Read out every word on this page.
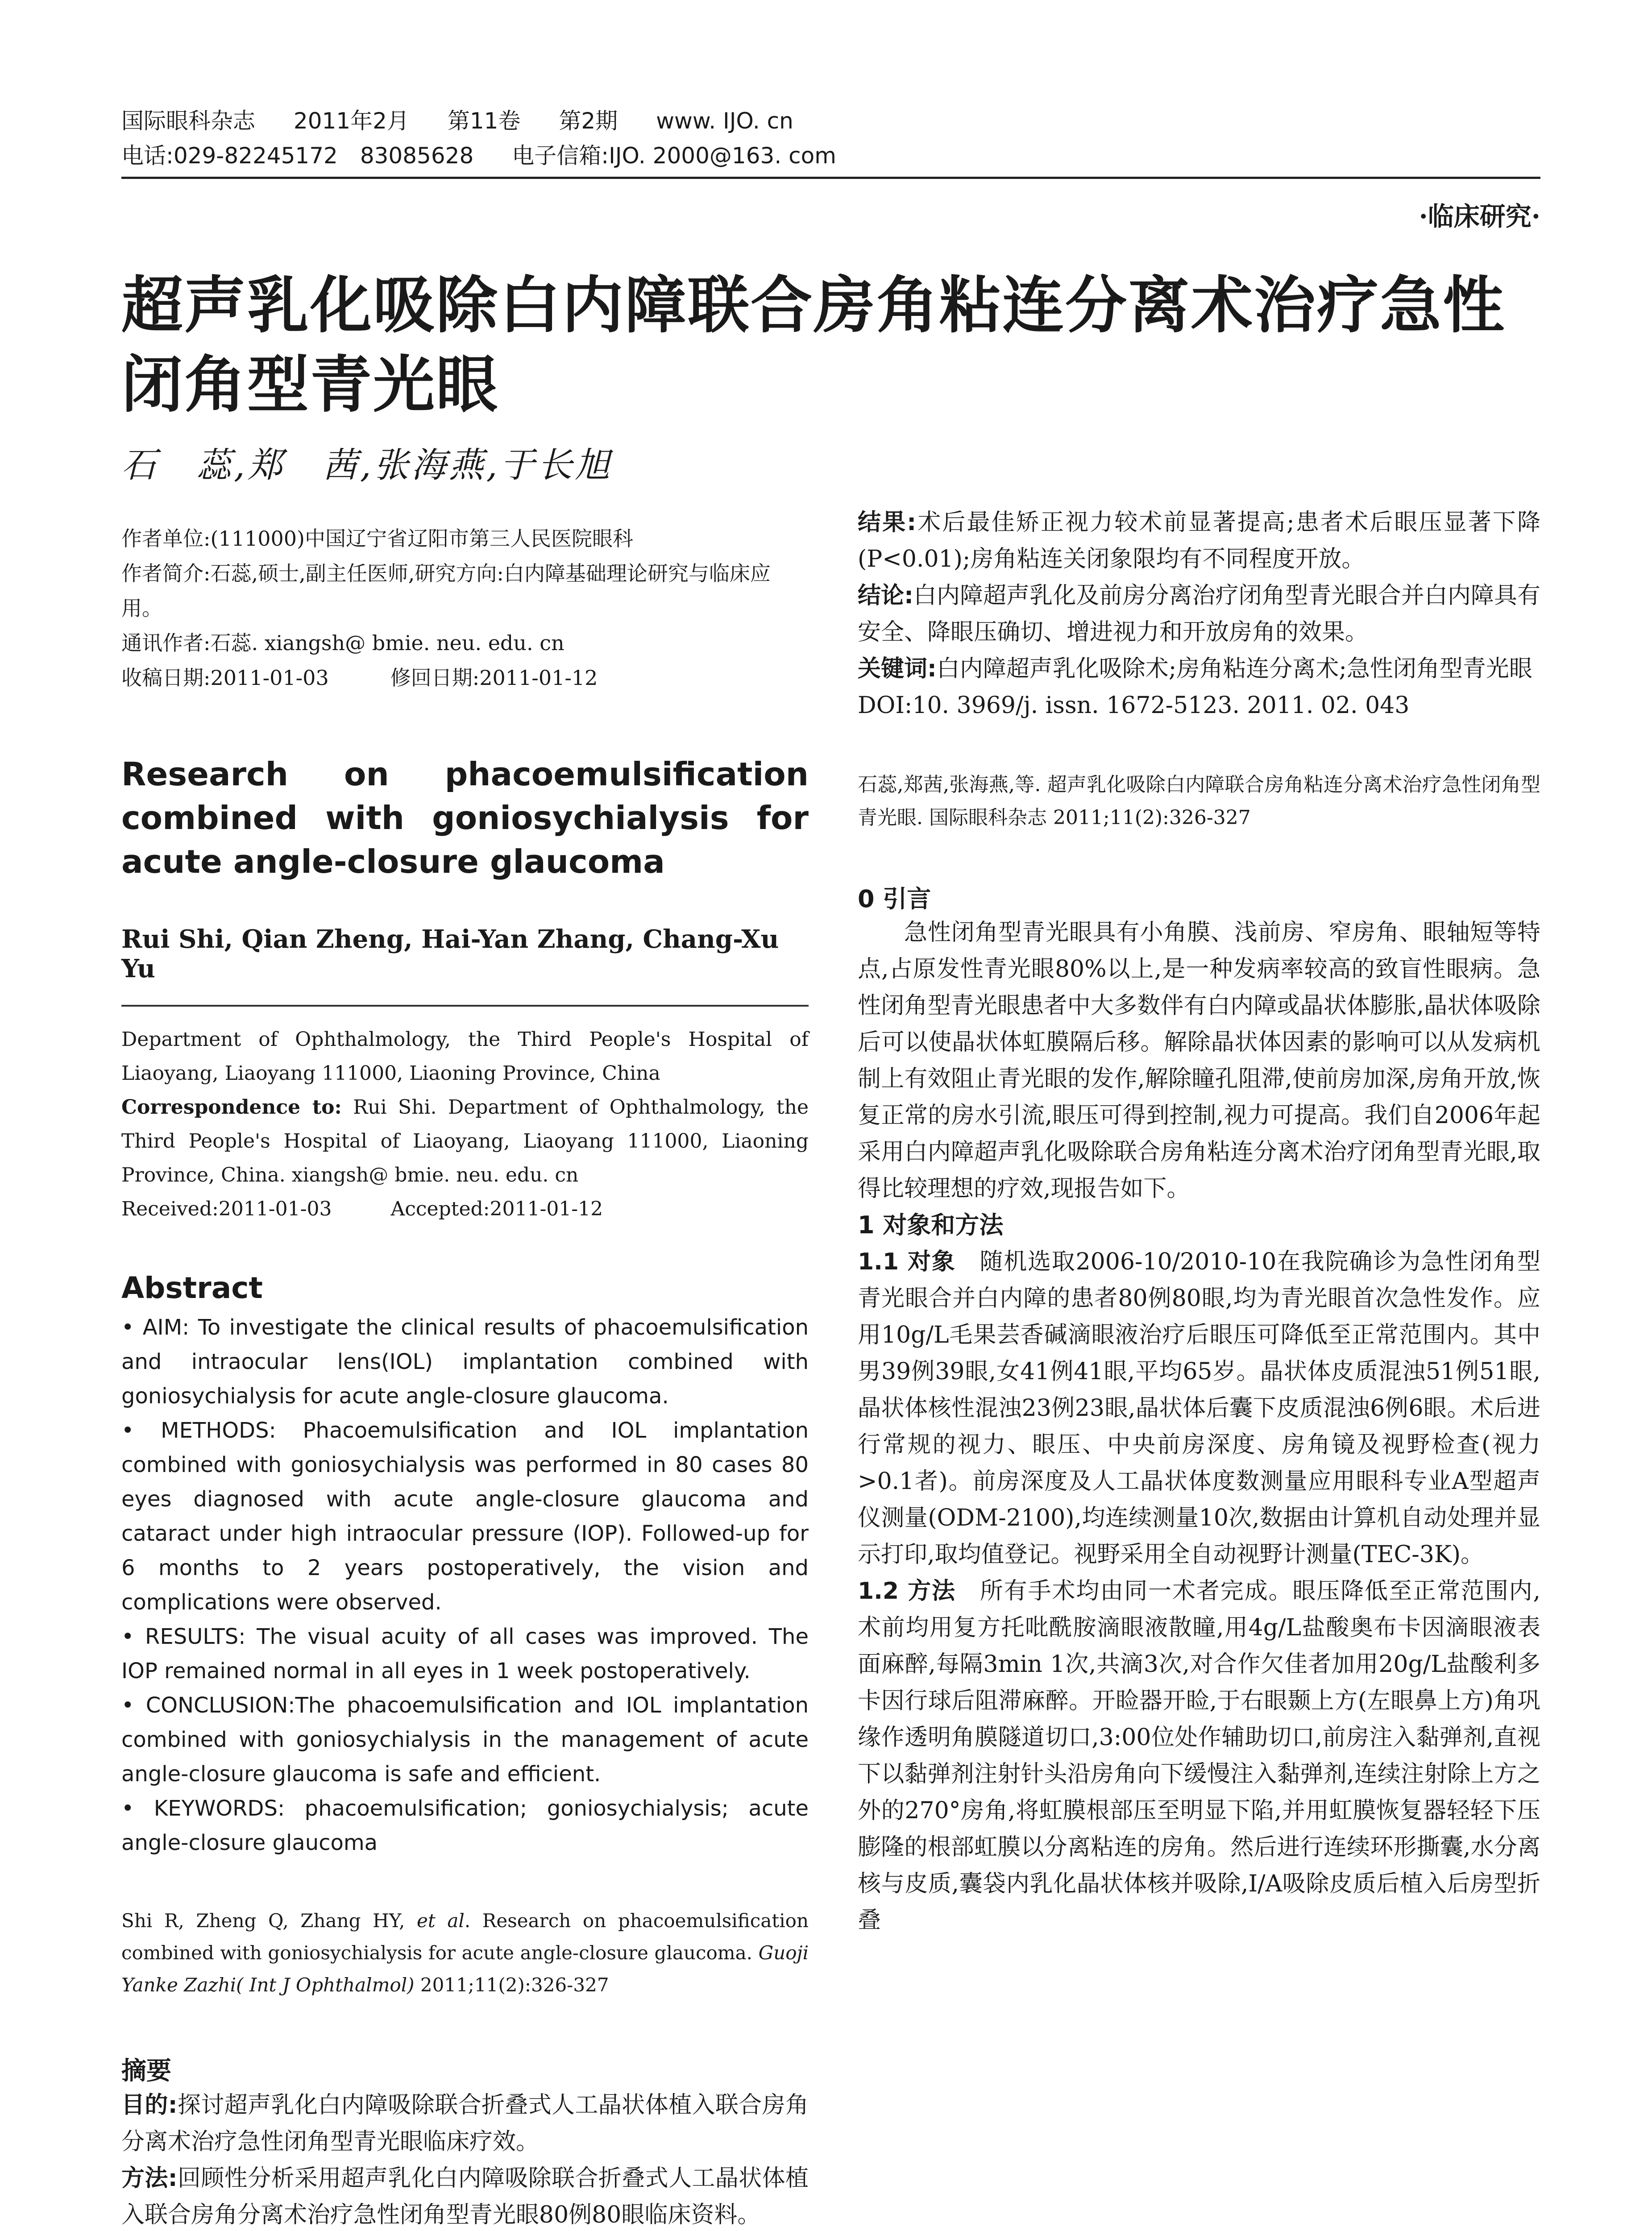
国际眼科杂志 2011年2月 第11卷 第2期 www. IJO. cn
电话:029-82245172　83085628 电子信箱:IJO. 2000@163. com
·临床研究·
超声乳化吸除白内障联合房角粘连分离术治疗急性闭角型青光眼
石　蕊,郑　茜,张海燕,于长旭

作者单位:(111000)中国辽宁省辽阳市第三人民医院眼科

作者简介:石蕊,硕士,副主任医师,研究方向:白内障基础理论研究与临床应用。

通讯作者:石蕊. xiangsh@ bmie. neu. edu. cn

收稿日期:2011-01-03　　　修回日期:2011-01-12

Research on phacoemulsification combined with goniosychialysis for acute angle-closure glaucoma
Rui Shi, Qian Zheng, Hai-Yan Zhang, Chang-Xu Yu

Department of Ophthalmology, the Third People's Hospital of Liaoyang, Liaoyang 111000, Liaoning Province, China

Correspondence to: Rui Shi. Department of Ophthalmology, the Third People's Hospital of Liaoyang, Liaoyang 111000, Liaoning Province, China. xiangsh@ bmie. neu. edu. cn

Received:2011-01-03　　　Accepted:2011-01-12

Abstract

• AIM: To investigate the clinical results of phacoemulsification and intraocular lens(IOL) implantation combined with goniosychialysis for acute angle-closure glaucoma.

• METHODS: Phacoemulsification and IOL implantation combined with goniosychialysis was performed in 80 cases 80 eyes diagnosed with acute angle-closure glaucoma and cataract under high intraocular pressure (IOP). Followed-up for 6 months to 2 years postoperatively, the vision and complications were observed.

• RESULTS: The visual acuity of all cases was improved. The IOP remained normal in all eyes in 1 week postoperatively.

• CONCLUSION:The phacoemulsification and IOL implantation combined with goniosychialysis in the management of acute angle-closure glaucoma is safe and efficient.

• KEYWORDS: phacoemulsification; goniosychialysis; acute angle-closure glaucoma

Shi R, Zheng Q, Zhang HY, et al. Research on phacoemulsification combined with goniosychialysis for acute angle-closure glaucoma. Guoji Yanke Zazhi( Int J Ophthalmol) 2011;11(2):326-327
摘要

目的:探讨超声乳化白内障吸除联合折叠式人工晶状体植入联合房角分离术治疗急性闭角型青光眼临床疗效。

方法:回顾性分析采用超声乳化白内障吸除联合折叠式人工晶状体植入联合房角分离术治疗急性闭角型青光眼80例80眼临床资料。

结果:术后最佳矫正视力较术前显著提高;患者术后眼压显著下降(P<0.01);房角粘连关闭象限均有不同程度开放。

结论:白内障超声乳化及前房分离治疗闭角型青光眼合并白内障具有安全、降眼压确切、增进视力和开放房角的效果。

关键词:白内障超声乳化吸除术;房角粘连分离术;急性闭角型青光眼

DOI:10. 3969/j. issn. 1672-5123. 2011. 02. 043

石蕊,郑茜,张海燕,等. 超声乳化吸除白内障联合房角粘连分离术治疗急性闭角型青光眼. 国际眼科杂志 2011;11(2):326-327
0 引言

急性闭角型青光眼具有小角膜、浅前房、窄房角、眼轴短等特点,占原发性青光眼80%以上,是一种发病率较高的致盲性眼病。急性闭角型青光眼患者中大多数伴有白内障或晶状体膨胀,晶状体吸除后可以使晶状体虹膜隔后移。解除晶状体因素的影响可以从发病机制上有效阻止青光眼的发作,解除瞳孔阻滞,使前房加深,房角开放,恢复正常的房水引流,眼压可得到控制,视力可提高。我们自2006年起采用白内障超声乳化吸除联合房角粘连分离术治疗闭角型青光眼,取得比较理想的疗效,现报告如下。

1 对象和方法

1.1 对象　 随机选取2006-10/2010-10在我院确诊为急性闭角型青光眼合并白内障的患者80例80眼,均为青光眼首次急性发作。应用10g/L毛果芸香碱滴眼液治疗后眼压可降低至正常范围内。其中男39例39眼,女41例41眼,平均65岁。晶状体皮质混浊51例51眼,晶状体核性混浊23例23眼,晶状体后囊下皮质混浊6例6眼。术后进行常规的视力、眼压、中央前房深度、房角镜及视野检查(视力>0.1者)。前房深度及人工晶状体度数测量应用眼科专业A型超声仪测量(ODM-2100),均连续测量10次,数据由计算机自动处理并显示打印,取均值登记。视野采用全自动视野计测量(TEC-3K)。

1.2 方法　 所有手术均由同一术者完成。眼压降低至正常范围内,术前均用复方托吡酰胺滴眼液散瞳,用4g/L盐酸奥布卡因滴眼液表面麻醉,每隔3min 1次,共滴3次,对合作欠佳者加用20g/L盐酸利多卡因行球后阻滞麻醉。开睑器开睑,于右眼颞上方(左眼鼻上方)角巩缘作透明角膜隧道切口,3:00位处作辅助切口,前房注入黏弹剂,直视下以黏弹剂注射针头沿房角向下缓慢注入黏弹剂,连续注射除上方之外的270°房角,将虹膜根部压至明显下陷,并用虹膜恢复器轻轻下压膨隆的根部虹膜以分离粘连的房角。然后进行连续环形撕囊,水分离核与皮质,囊袋内乳化晶状体核并吸除,I/A吸除皮质后植入后房型折叠
